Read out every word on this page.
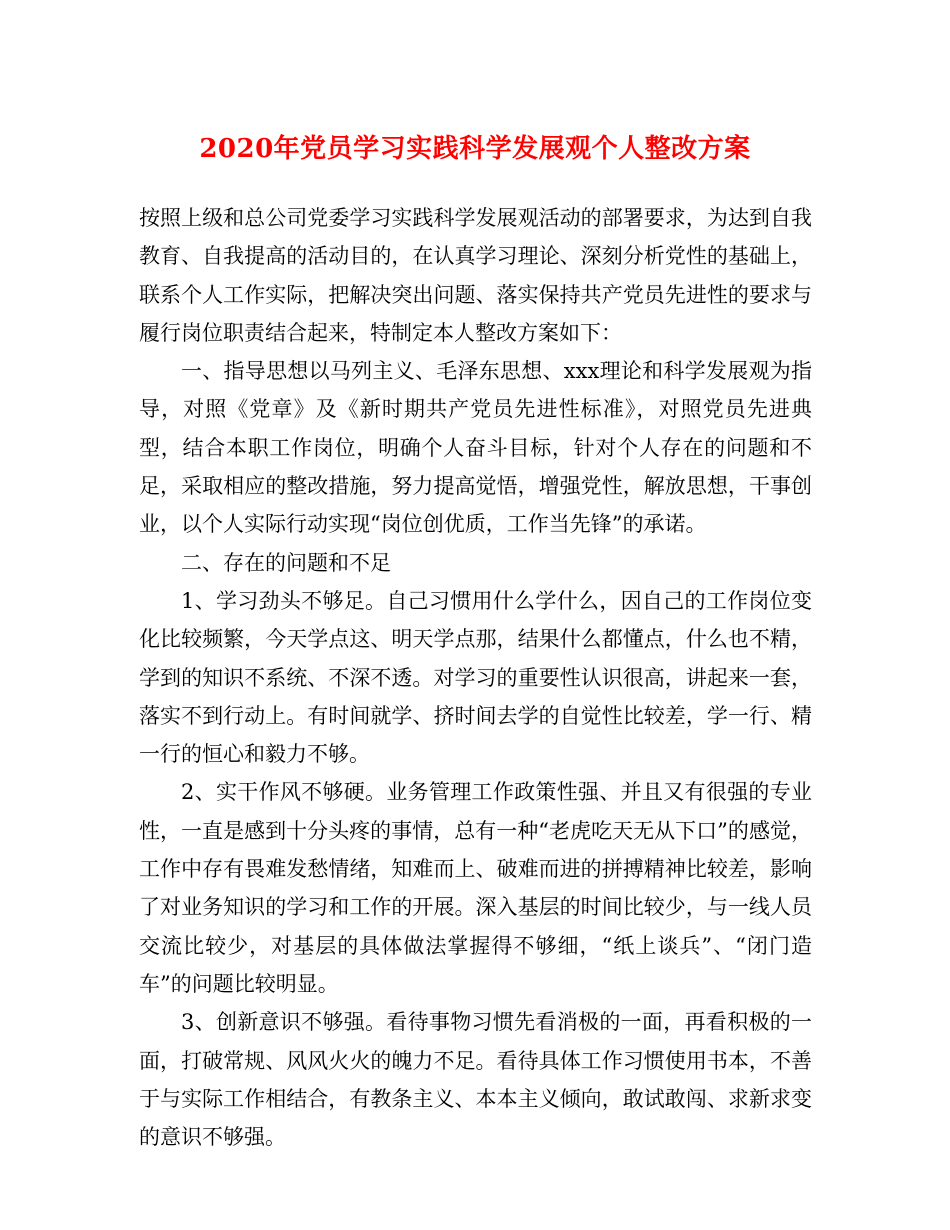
2020年党员学习实践科学发展观个人整改方案

按照上级和总公司党委学习实践科学发展观活动的部署要求，为达到自我教育、自我提高的活动目的，在认真学习理论、深刻分析党性的基础上，联系个人工作实际，把解决突出问题、落实保持共产党员先进性的要求与履行岗位职责结合起来，特制定本人整改方案如下：

一、指导思想以马列主义、毛泽东思想、xxx理论和科学发展观为指导，对照《党章》及《新时期共产党员先进性标准》，对照党员先进典型，结合本职工作岗位，明确个人奋斗目标，针对个人存在的问题和不足，采取相应的整改措施，努力提高觉悟，增强党性，解放思想，干事创业，以个人实际行动实现“岗位创优质，工作当先锋”的承诺。

二、存在的问题和不足

1、学习劲头不够足。自己习惯用什么学什么，因自己的工作岗位变化比较频繁，今天学点这、明天学点那，结果什么都懂点，什么也不精，学到的知识不系统、不深不透。对学习的重要性认识很高，讲起来一套，落实不到行动上。有时间就学、挤时间去学的自觉性比较差，学一行、精一行的恒心和毅力不够。

2、实干作风不够硬。业务管理工作政策性强、并且又有很强的专业性，一直是感到十分头疼的事情，总有一种“老虎吃天无从下口”的感觉，工作中存有畏难发愁情绪，知难而上、破难而进的拼搏精神比较差，影响了对业务知识的学习和工作的开展。深入基层的时间比较少，与一线人员交流比较少，对基层的具体做法掌握得不够细，“纸上谈兵”、“闭门造车”的问题比较明显。

3、创新意识不够强。看待事物习惯先看消极的一面，再看积极的一面，打破常规、风风火火的魄力不足。看待具体工作习惯使用书本，不善于与实际工作相结合，有教条主义、本本主义倾向，敢试敢闯、求新求变的意识不够强。
